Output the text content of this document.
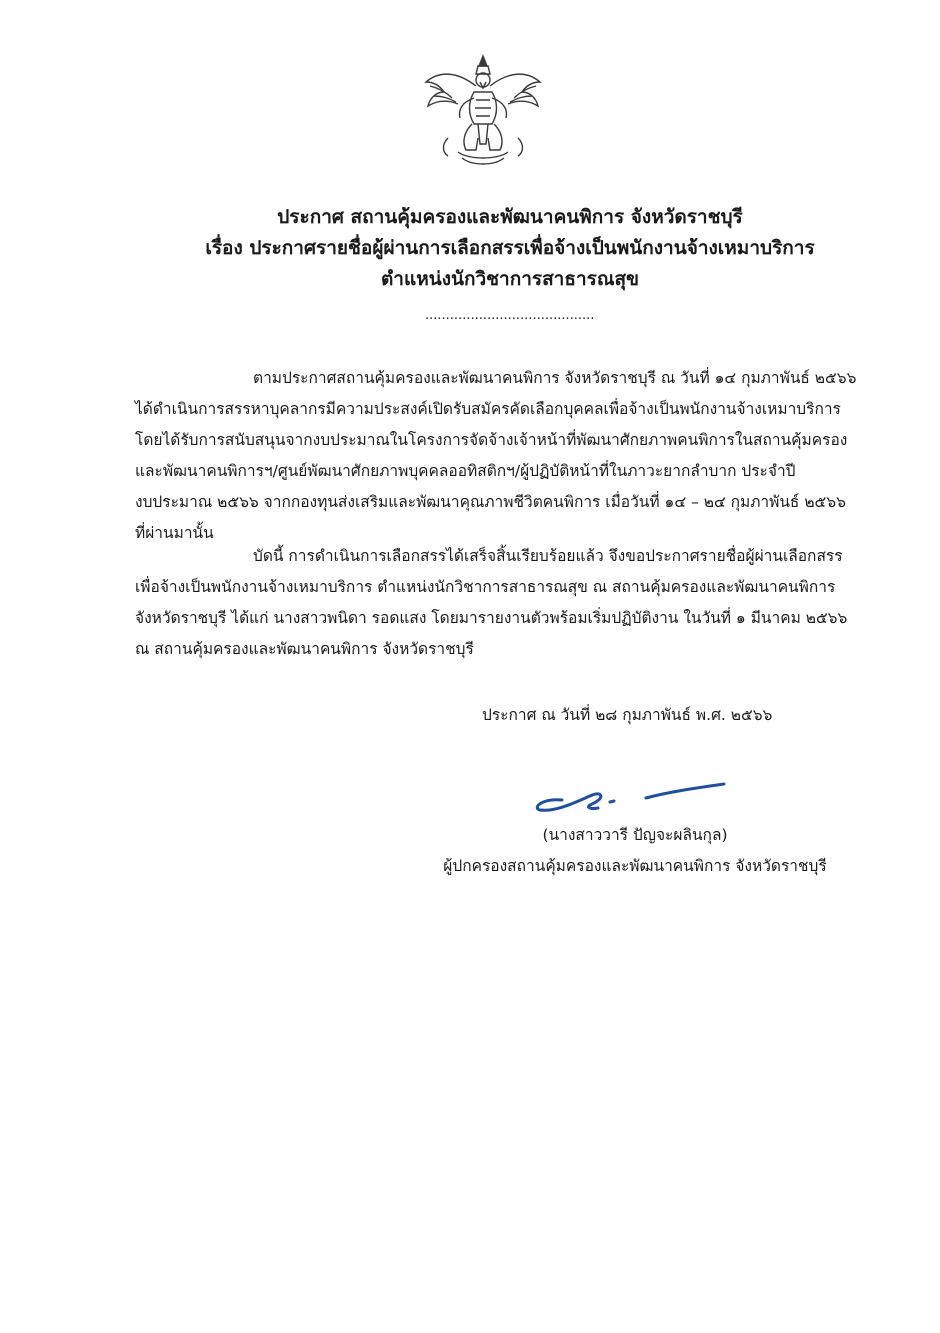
ประกาศ สถานคุ้มครองและพัฒนาคนพิการ จังหวัดราชบุรี
เรื่อง ประกาศรายชื่อผู้ผ่านการเลือกสรรเพื่อจ้างเป็นพนักงานจ้างเหมาบริการ
ตำแหน่งนักวิชาการสาธารณสุข
.........................................
ตามประกาศสถานคุ้มครองและพัฒนาคนพิการ จังหวัดราชบุรี ณ วันที่ ๑๔ กุมภาพันธ์ ๒๕๖๖
ได้ดำเนินการสรรหาบุคลากรมีความประสงค์เปิดรับสมัครคัดเลือกบุคคลเพื่อจ้างเป็นพนักงานจ้างเหมาบริการ
โดยได้รับการสนับสนุนจากงบประมาณในโครงการจัดจ้างเจ้าหน้าที่พัฒนาศักยภาพคนพิการในสถานคุ้มครอง
และพัฒนาคนพิการฯ/ศูนย์พัฒนาศักยภาพบุคคลออทิสติกฯ/ผู้ปฏิบัติหน้าที่ในภาวะยากลำบาก ประจำปี
งบประมาณ ๒๕๖๖ จากกองทุนส่งเสริมและพัฒนาคุณภาพชีวิตคนพิการ เมื่อวันที่ ๑๔ – ๒๔ กุมภาพันธ์ ๒๕๖๖
ที่ผ่านมานั้น
บัดนี้ การดำเนินการเลือกสรรได้เสร็จสิ้นเรียบร้อยแล้ว จึงขอประกาศรายชื่อผู้ผ่านเลือกสรร
เพื่อจ้างเป็นพนักงานจ้างเหมาบริการ ตำแหน่งนักวิชาการสาธารณสุข ณ สถานคุ้มครองและพัฒนาคนพิการ
จังหวัดราชบุรี ได้แก่ นางสาวพนิดา รอดแสง โดยมารายงานตัวพร้อมเริ่มปฏิบัติงาน ในวันที่ ๑ มีนาคม ๒๕๖๖
ณ สถานคุ้มครองและพัฒนาคนพิการ จังหวัดราชบุรี
ประกาศ ณ วันที่ ๒๘ กุมภาพันธ์ พ.ศ. ๒๕๖๖
(นางสาววารี ปัญจะผลินกุล)
ผู้ปกครองสถานคุ้มครองและพัฒนาคนพิการ จังหวัดราชบุรี
